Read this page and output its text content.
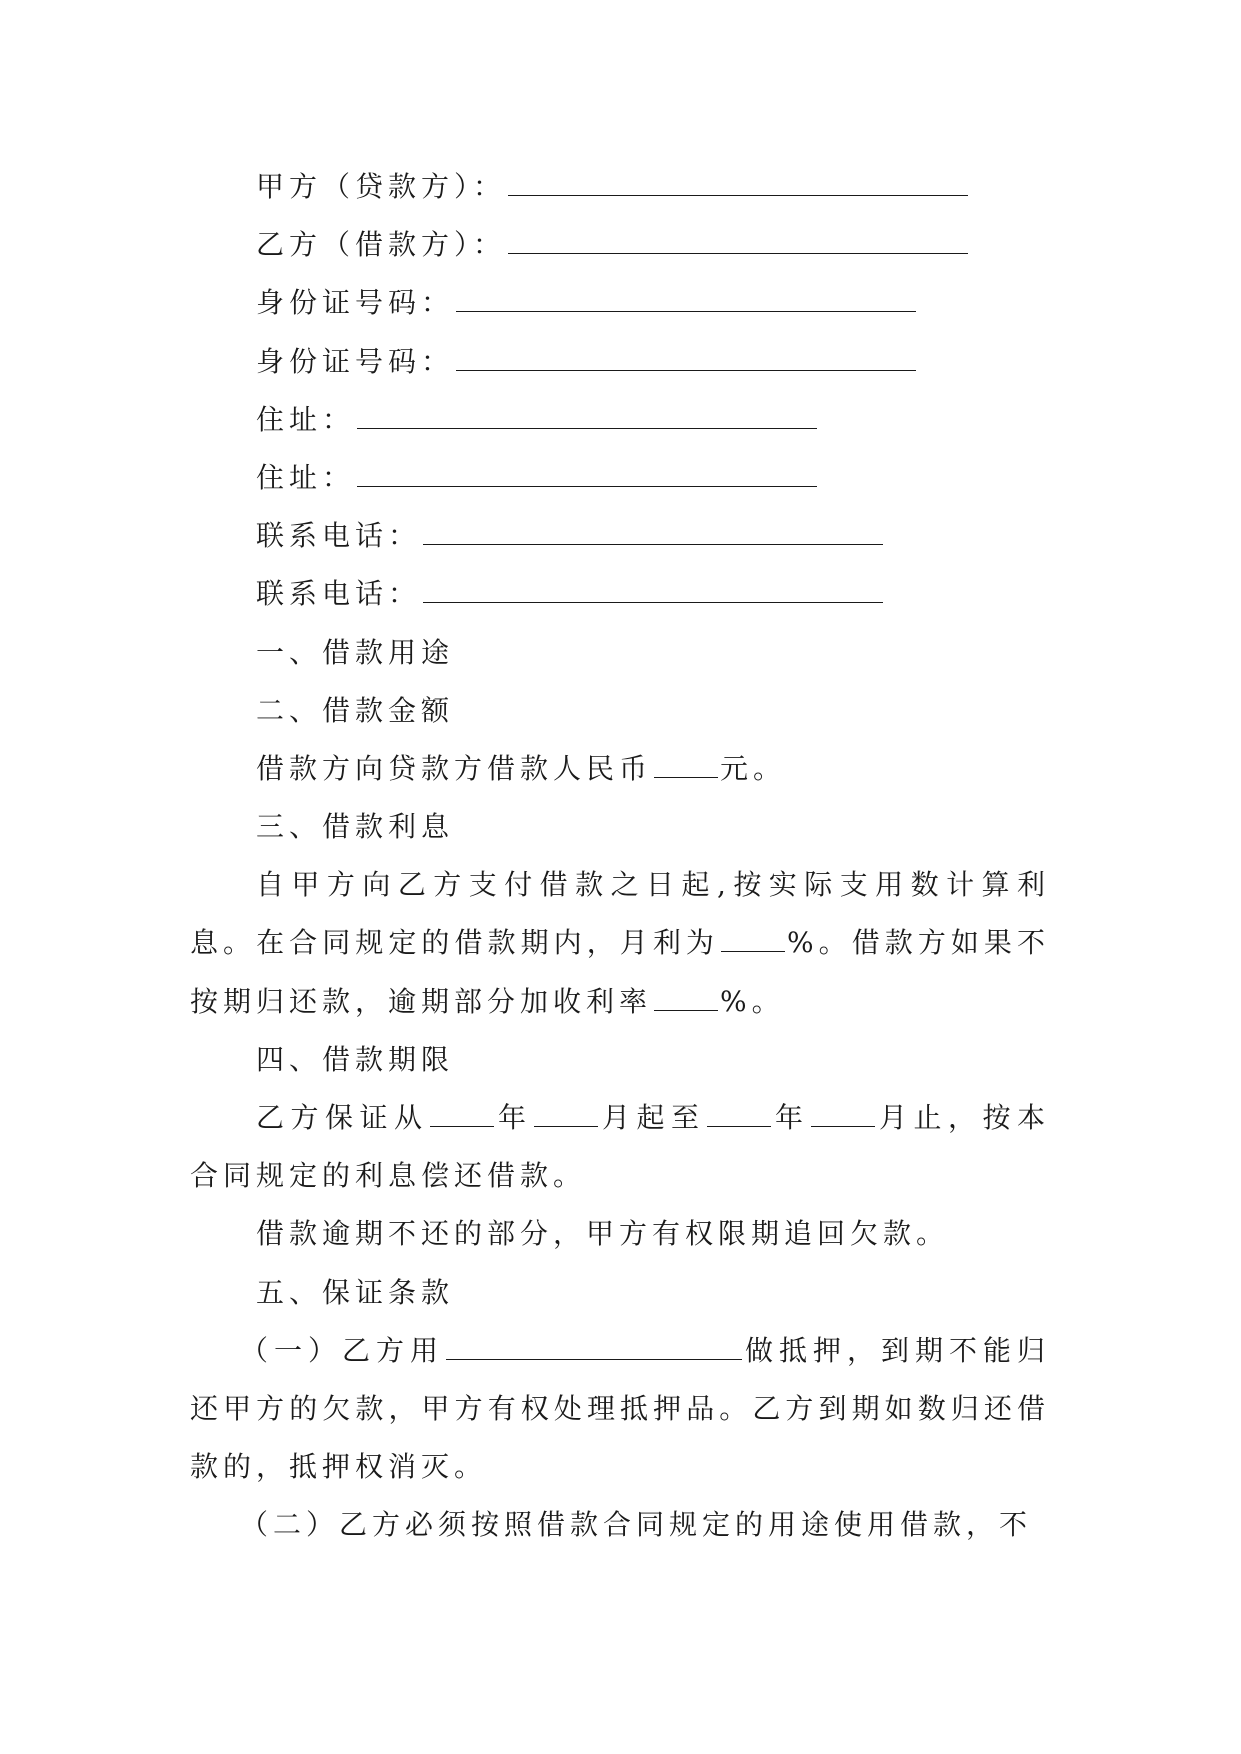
甲方（贷款方）：
乙方（借款方）：
身份证号码：
身份证号码：
住址：
住址：
联系电话：
联系电话：
一、借款用途
二、借款金额
借款方向贷款方借款人民币 元。
三、借款利息
自甲方向乙方支付借款之日起,按实际支用数计算利息。在合同规定的借款期内，月利为 %。借款方如果不按期归还款，逾期部分加收利率 %。
四、借款期限
乙方保证从 年 月起至 年 月止，按本合同规定的利息偿还借款。
借款逾期不还的部分，甲方有权限期追回欠款。
五、保证条款
（一）乙方用	做抵押，到期不能归还甲方的欠款，甲方有权处理抵押品。乙方到期如数归还借款的，抵押权消灭。
（二）乙方必须按照借款合同规定的用途使用借款，不
